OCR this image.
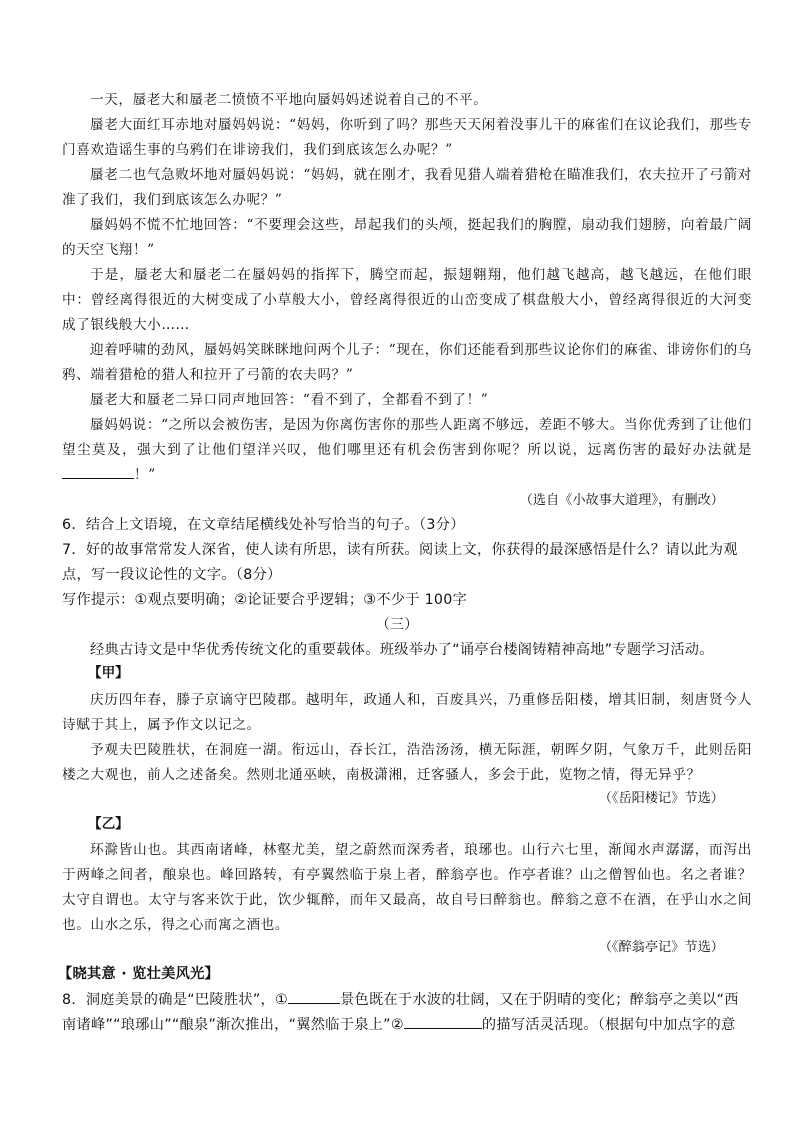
一天，蜃老大和蜃老二愤愤不平地向蜃妈妈述说着自己的不平。

蜃老大面红耳赤地对蜃妈妈说：“妈妈，你听到了吗？那些天天闲着没事儿干的麻雀们在议论我们，那些专门喜欢造谣生事的乌鸦们在诽谤我们，我们到底该怎么办呢？”

蜃老二也气急败坏地对蜃妈妈说：“妈妈，就在刚才，我看见猎人端着猎枪在瞄准我们，农夫拉开了弓箭对准了我们，我们到底该怎么办呢？”

蜃妈妈不慌不忙地回答：“不要理会这些，昂起我们的头颅，挺起我们的胸膛，扇动我们翅膀，向着最广阔的天空飞翔！”

于是，蜃老大和蜃老二在蜃妈妈的指挥下，腾空而起，振翅翱翔，他们越飞越高，越飞越远，在他们眼中：曾经离得很近的大树变成了小草般大小，曾经离得很近的山峦变成了棋盘般大小，曾经离得很近的大河变成了银线般大小……

迎着呼啸的劲风，蜃妈妈笑眯眯地问两个儿子：“现在，你们还能看到那些议论你们的麻雀、诽谤你们的乌鸦、端着猎枪的猎人和拉开了弓箭的农夫吗？”

蜃老大和蜃老二异口同声地回答：“看不到了，全都看不到了！”

蜃妈妈说：“之所以会被伤害，是因为你离伤害你的那些人距离不够远，差距不够大。当你优秀到了让他们望尘莫及，强大到了让他们望洋兴叹，他们哪里还有机会伤害到你呢？所以说，远离伤害的最好办法就是！”

（选自《小故事大道理》，有删改）

6．结合上文语境，在文章结尾横线处补写恰当的句子。（3分）

7．好的故事常常发人深省，使人读有所思，读有所获。阅读上文，你获得的最深感悟是什么？请以此为观点，写一段议论性的文字。（8分）

写作提示：①观点要明确；②论证要合乎逻辑；③不少于 100字

（三）

经典古诗文是中华优秀传统文化的重要载体。班级举办了“诵亭台楼阁铸精神高地”专题学习活动。

【甲】

庆历四年春，滕子京谪守巴陵郡。越明年，政通人和，百废具兴，乃重修岳阳楼，增其旧制，刻唐贤今人诗赋于其上，属予作文以记之。

予观夫巴陵胜状，在洞庭一湖。衔远山，吞长江，浩浩汤汤，横无际涯，朝晖夕阴，气象万千，此则岳阳楼之大观也，前人之述备矣。然则北通巫峡，南极潇湘，迁客骚人，多会于此，览物之情，得无异乎？

（《岳阳楼记》节选）

【乙】

环滁皆山也。其西南诸峰，林壑尤美，望之蔚然而深秀者，琅琊也。山行六七里，渐闻水声潺潺，而泻出于两峰之间者，酿泉也。峰回路转，有亭翼然临于泉上者，醉翁亭也。作亭者谁？山之僧智仙也。名之者谁？太守自谓也。太守与客来饮于此，饮少辄醉，而年又最高，故自号曰醉翁也。醉翁之意不在酒，在乎山水之间也。山水之乐，得之心而寓之酒也。

（《醉翁亭记》节选）

【晓其意 · 览壮美风光】

8．洞庭美景的确是“巴陵胜状”，①	景色既在于水波的壮阔，又在于阴晴的变化；醉翁亭之美以“西南诸峰”“琅琊山”“酿泉”渐次推出，“翼然临于泉上”②	的描写活灵活现。（根据句中加点字的意
